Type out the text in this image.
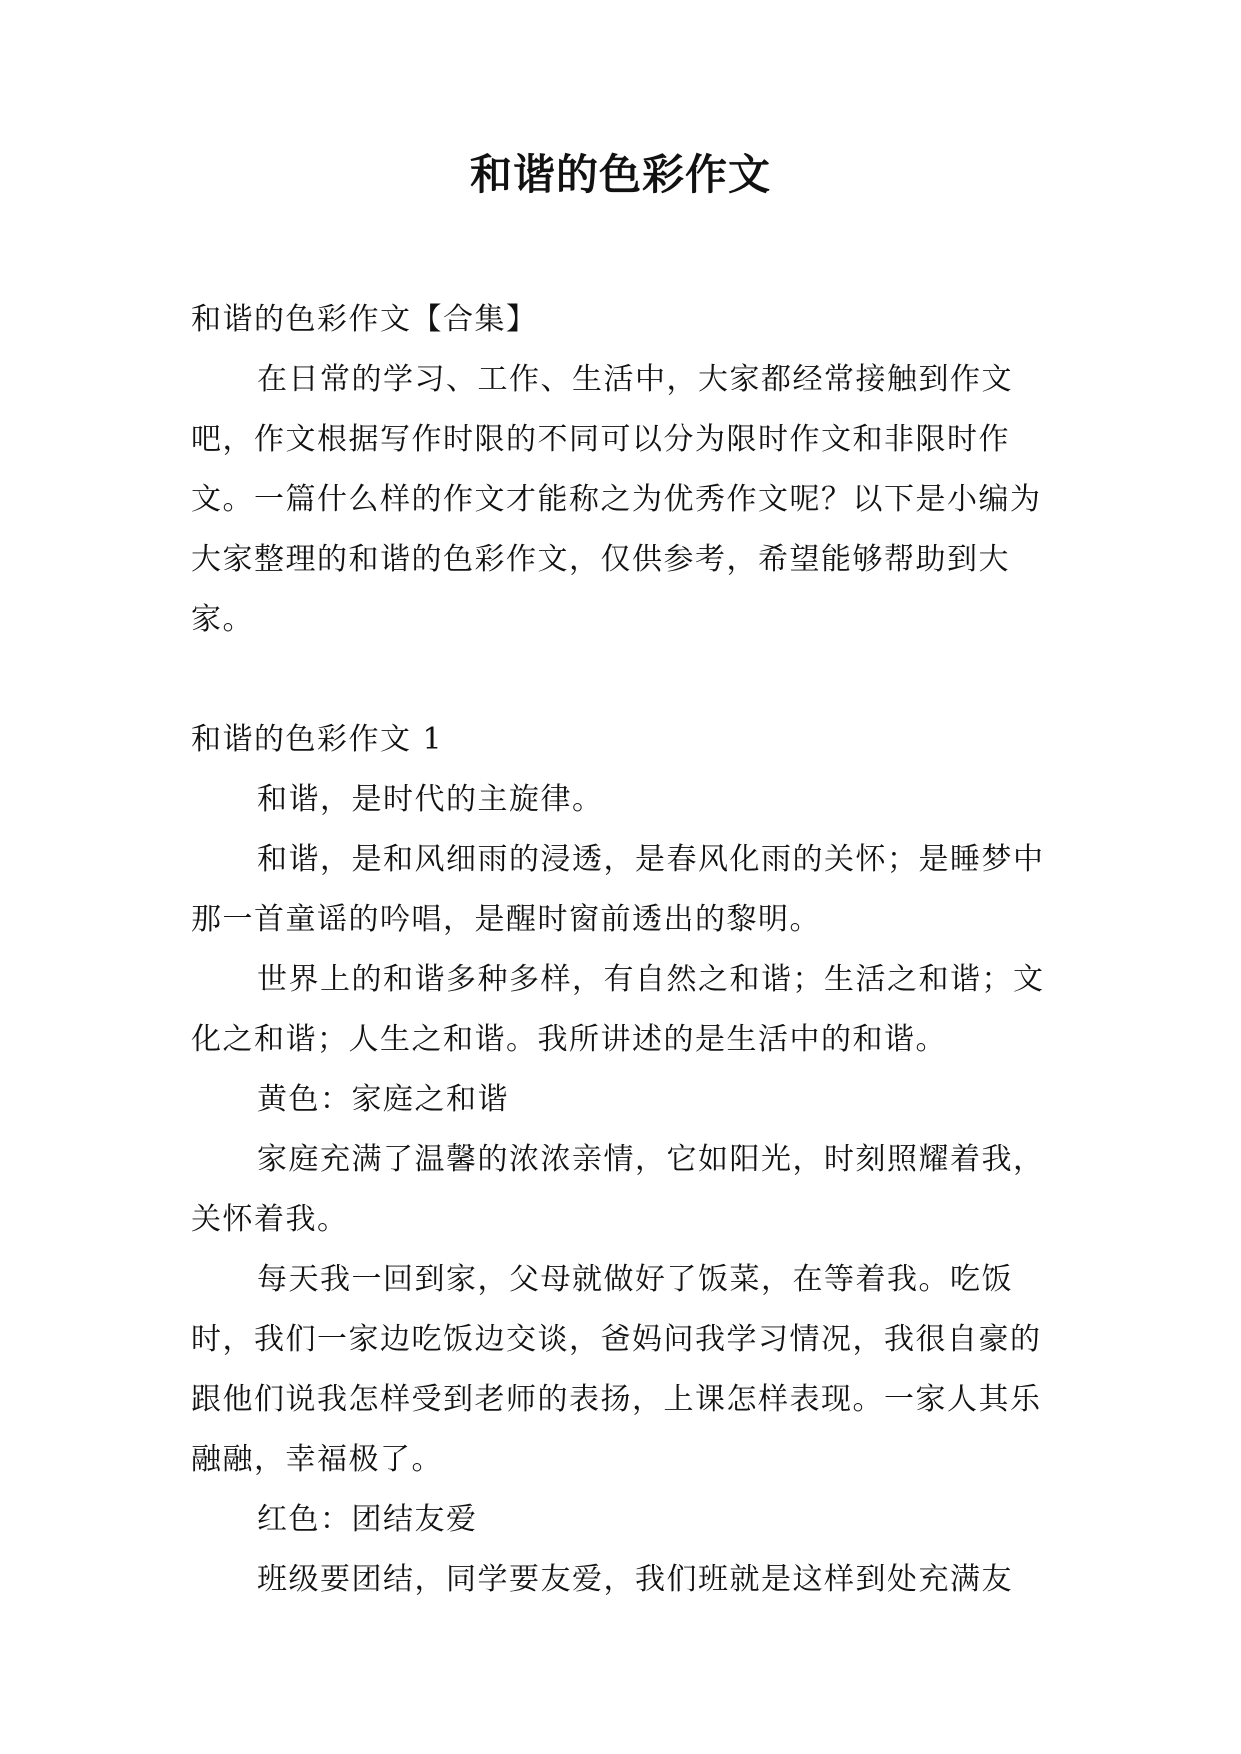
和谐的色彩作文

和谐的色彩作文【合集】

在日常的学习、工作、生活中，大家都经常接触到作文吧，作文根据写作时限的不同可以分为限时作文和非限时作文。一篇什么样的作文才能称之为优秀作文呢？以下是小编为大家整理的和谐的色彩作文，仅供参考，希望能够帮助到大家。

和谐的色彩作文 1

和谐，是时代的主旋律。

和谐，是和风细雨的浸透，是春风化雨的关怀；是睡梦中那一首童谣的吟唱，是醒时窗前透出的黎明。

世界上的和谐多种多样，有自然之和谐；生活之和谐；文化之和谐；人生之和谐。我所讲述的是生活中的和谐。

黄色：家庭之和谐

家庭充满了温馨的浓浓亲情，它如阳光，时刻照耀着我，关怀着我。

每天我一回到家，父母就做好了饭菜，在等着我。吃饭时，我们一家边吃饭边交谈，爸妈问我学习情况，我很自豪的跟他们说我怎样受到老师的表扬，上课怎样表现。一家人其乐融融，幸福极了。

红色：团结友爱

班级要团结，同学要友爱，我们班就是这样到处充满友
